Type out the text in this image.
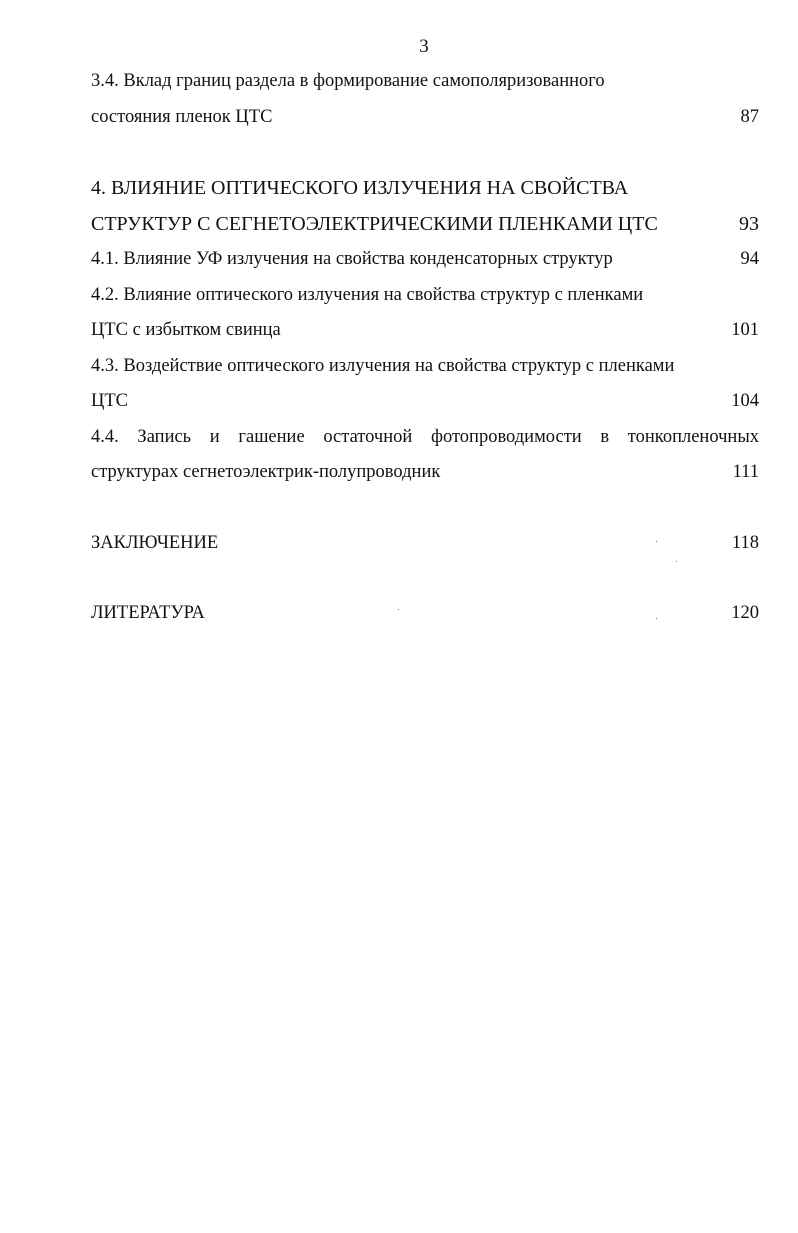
3
3.4. Вклад границ раздела в формирование самополяризованного
состояния пленок ЦТС	87
4. ВЛИЯНИЕ ОПТИЧЕСКОГО ИЗЛУЧЕНИЯ НА СВОЙСТВА
СТРУКТУР С СЕГНЕТОЭЛЕКТРИЧЕСКИМИ ПЛЕНКАМИ ЦТС	93
4.1. Влияние УФ излучения на свойства конденсаторных структур	94
4.2. Влияние оптического излучения на свойства структур с пленками
ЦТС с избытком свинца	101
4.3. Воздействие оптического излучения на свойства структур с пленками
ЦТС	104
4.4. Запись и гашение остаточной фотопроводимости в тонкопленочных
структурах сегнетоэлектрик-полупроводник	111
ЗАКЛЮЧЕНИЕ	118
ЛИТЕРАТУРА	120
